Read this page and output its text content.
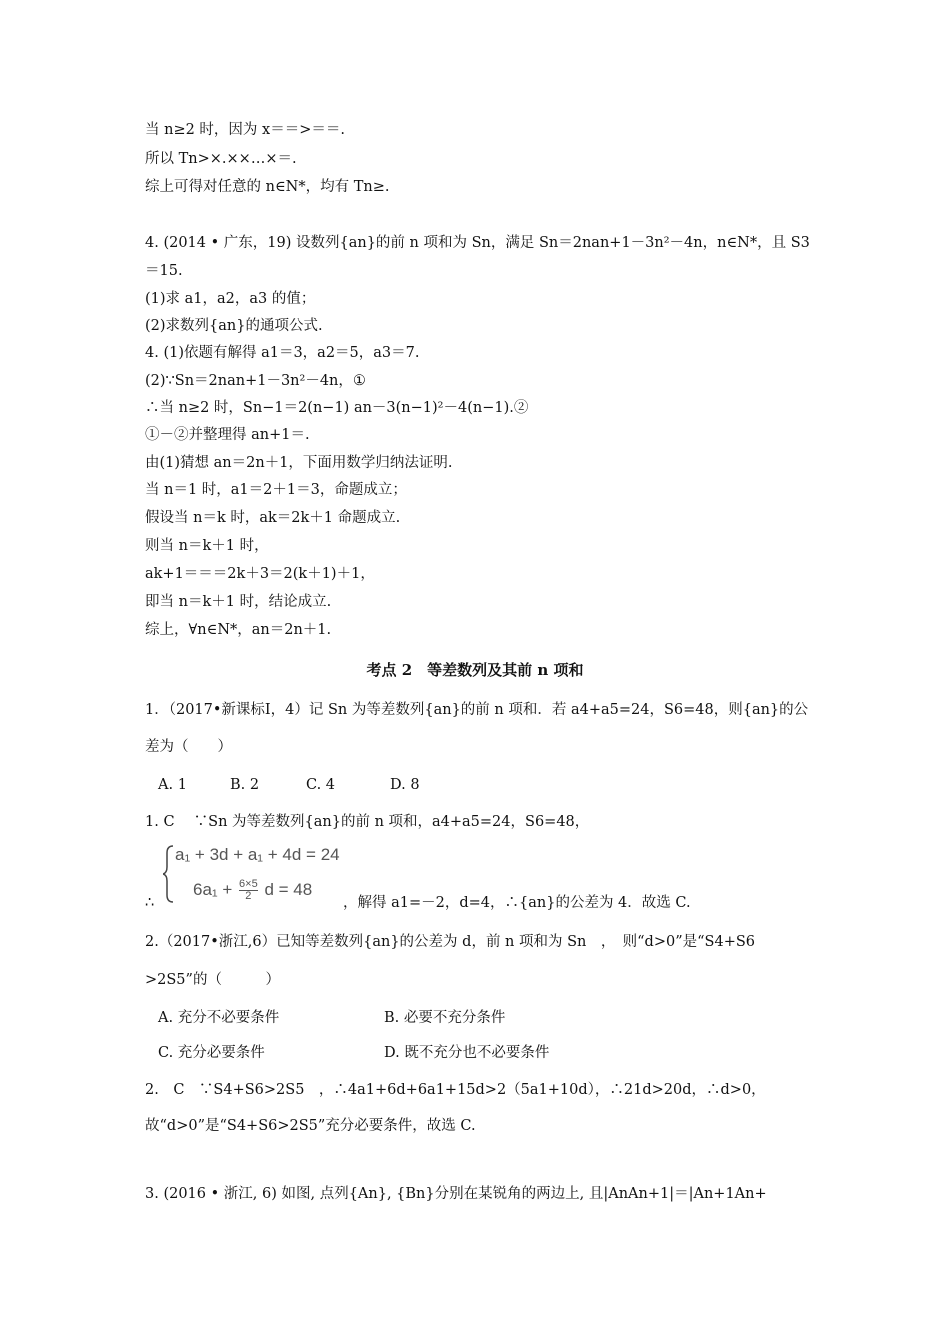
当 n≥2 时，因为 x＝＝>＝＝.
所以 Tn>×.××…×＝.
综上可得对任意的 n∈N*，均有 Tn≥.
4. (2014 • 广东，19) 设数列{an}的前 n 项和为 Sn，满足 Sn＝2nan+1－3n²－4n，n∈N*，且 S3
＝15.
(1)求 a1，a2，a3 的值；
(2)求数列{an}的通项公式.
4. (1)依题有解得 a1＝3，a2＝5，a3＝7.
(2)∵Sn＝2nan+1－3n²－4n，①
∴当 n≥2 时，Sn−1＝2(n−1) an－3(n−1)²－4(n−1).②
①－②并整理得 an+1＝.
由(1)猜想 an＝2n＋1，下面用数学归纳法证明.
当 n＝1 时，a1＝2＋1＝3，命题成立；
假设当 n＝k 时，ak＝2k＋1 命题成立.
则当 n＝k＋1 时，
ak+1＝＝＝2k＋3＝2(k＋1)＋1，
即当 n＝k＋1 时，结论成立.
综上，∀n∈N*，an＝2n＋1.
考点 2　等差数列及其前 n 项和
1．（2017•新课标Ⅰ，4）记 Sn 为等差数列{an}的前 n 项和．若 a4+a5=24，S6=48，则{an}的公
差为（　　）
A. 1	B. 2	C. 4	D. 8
1. C　 ∵Sn 为等差数列{an}的前 n 项和，a4+a5=24，S6=48，
a₁ + 3d + a₁ + 4d = 24
$6a_1 + \frac{6\times 5}{2}$ d = 48
∴	，解得 a1=－2，d=4，∴{an}的公差为 4．故选 C.
2.（2017•浙江,6）已知等差数列{an}的公差为 d，前 n 项和为 Sn　，　则“d>0”是“S4+S6
>2S5”的（　　　）
A. 充分不必要条件	B. 必要不充分条件
C. 充分必要条件	D. 既不充分也不必要条件
2.　C　∵S4+S6>2S5　，∴4a1+6d+6a1+15d>2（5a1+10d），∴21d>20d，∴d>0，
故“d>0”是“S4+S6>2S5”充分必要条件，故选 C.
3. (2016 • 浙江, 6) 如图, 点列{An}, {Bn}分别在某锐角的两边上, 且|AnAn+1|＝|An+1An+
